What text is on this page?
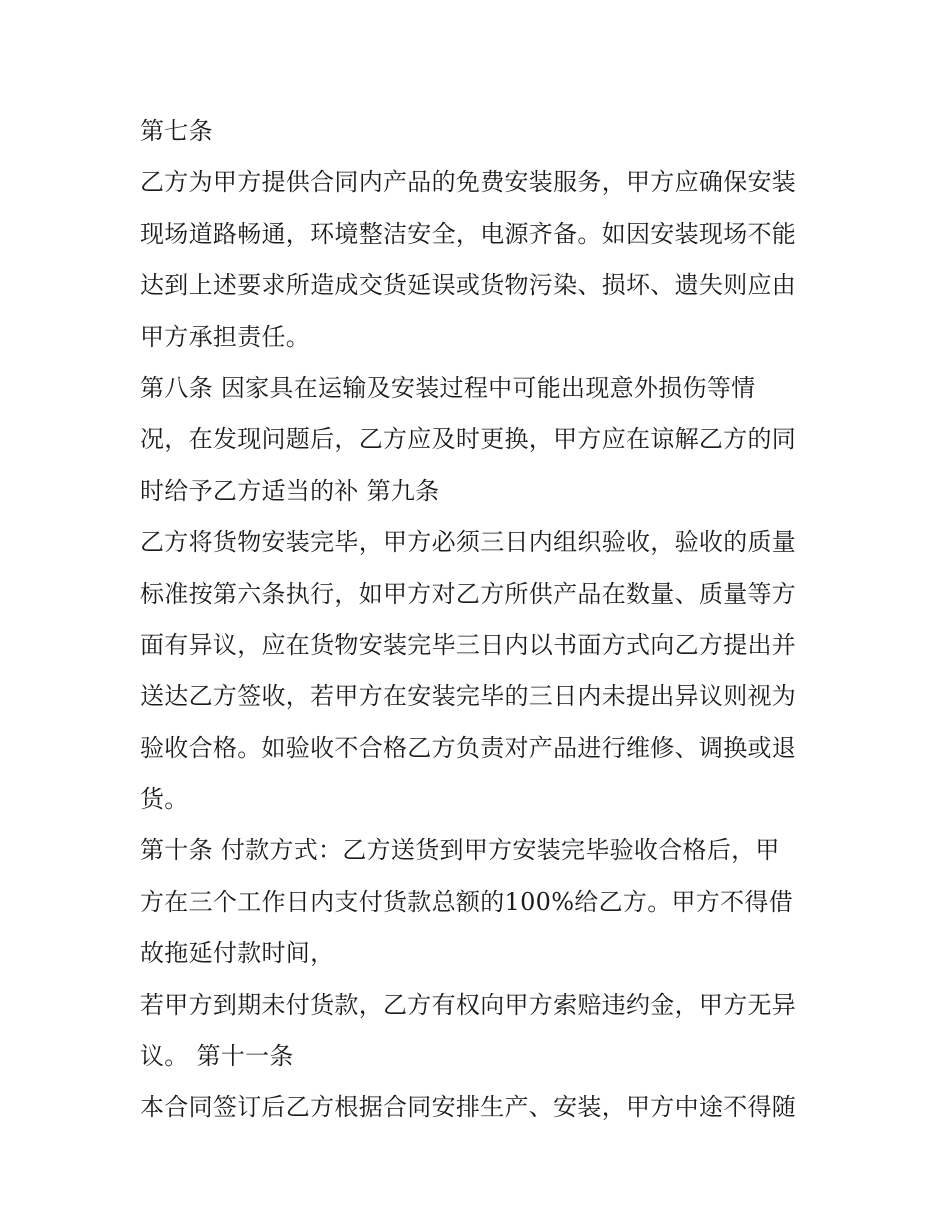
第七条
乙方为甲方提供合同内产品的免费安装服务，甲方应确保安装
现场道路畅通，环境整洁安全，电源齐备。如因安装现场不能
达到上述要求所造成交货延误或货物污染、损坏、遗失则应由
甲方承担责任。
第八条 因家具在运输及安装过程中可能出现意外损伤等情
况，在发现问题后，乙方应及时更换，甲方应在谅解乙方的同
时给予乙方适当的补 第九条
乙方将货物安装完毕，甲方必须三日内组织验收，验收的质量
标准按第六条执行，如甲方对乙方所供产品在数量、质量等方
面有异议，应在货物安装完毕三日内以书面方式向乙方提出并
送达乙方签收，若甲方在安装完毕的三日内未提出异议则视为
验收合格。如验收不合格乙方负责对产品进行维修、调换或退
货。
第十条 付款方式：乙方送货到甲方安装完毕验收合格后，甲
方在三个工作日内支付货款总额的100%给乙方。甲方不得借
故拖延付款时间，
若甲方到期未付货款，乙方有权向甲方索赔违约金，甲方无异
议。 第十一条
本合同签订后乙方根据合同安排生产、安装，甲方中途不得随
